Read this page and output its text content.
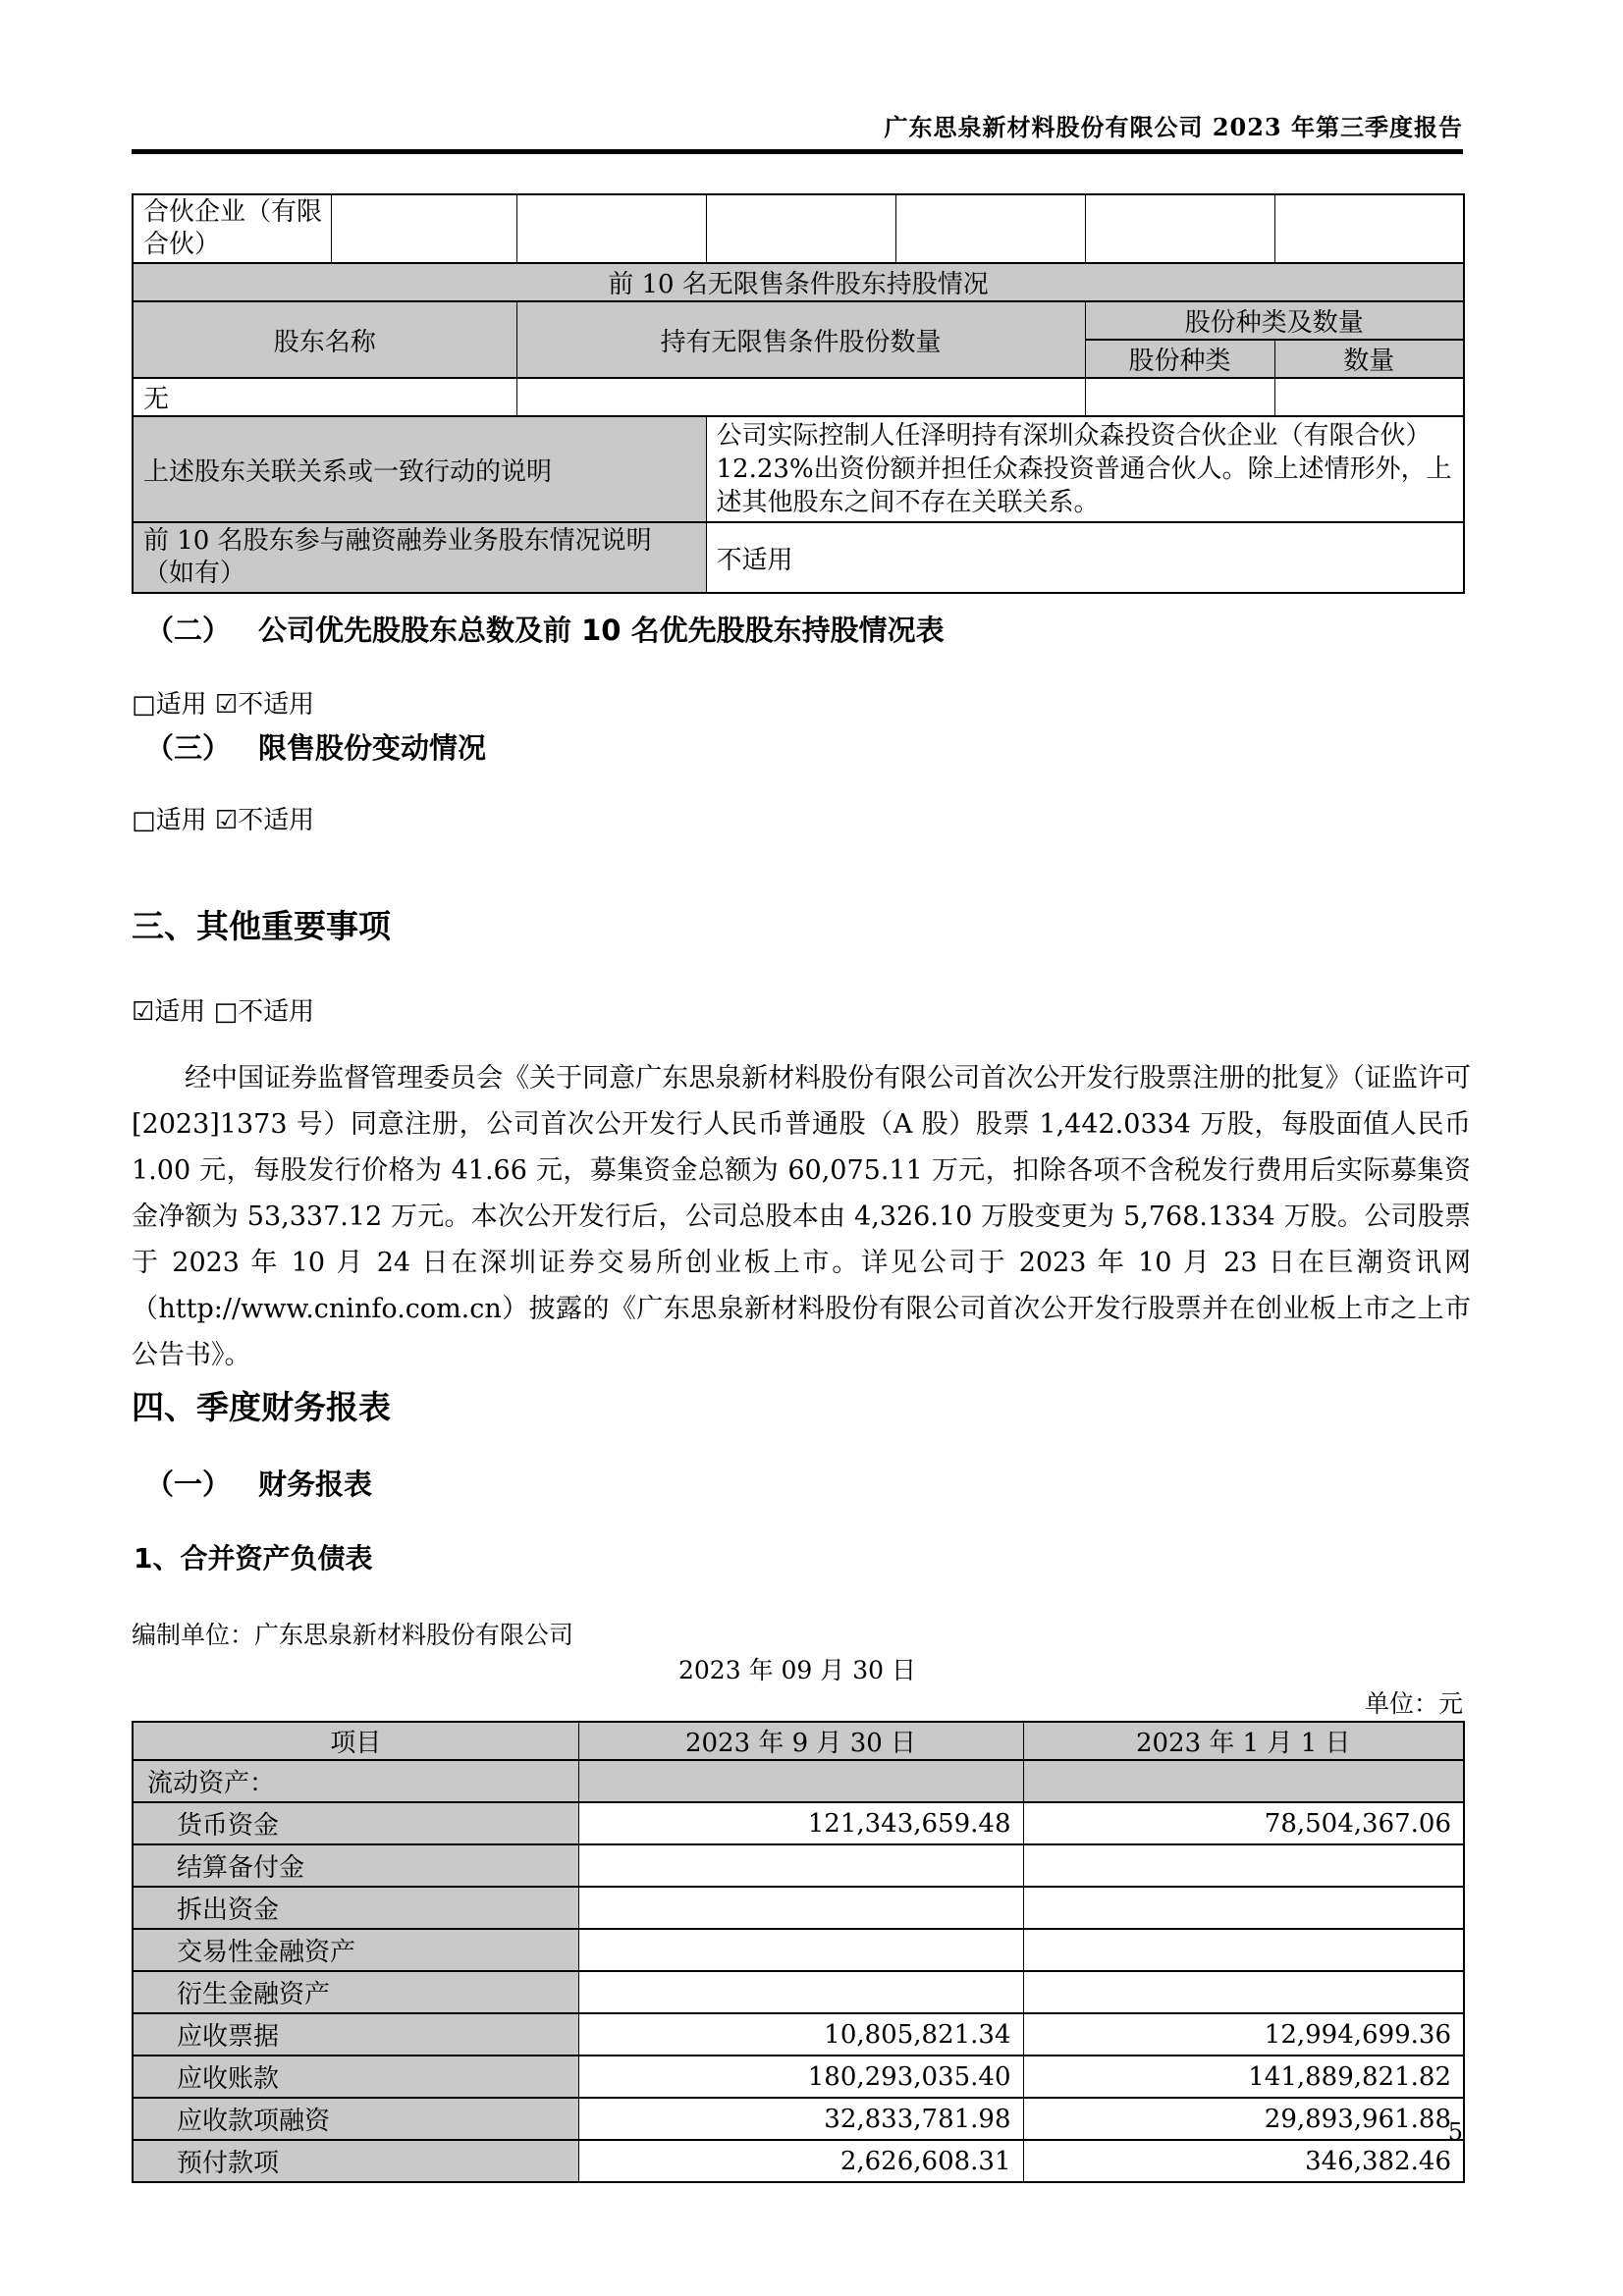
广东思泉新材料股份有限公司 2023 年第三季度报告
合伙企业（有限合伙）						
前 10 名无限售条件股东持股情况						
股东名称		持有无限售条件股份数量			股份种类及数量	
					股份种类	数量
无						
上述股东关联关系或一致行动的说明			公司实际控制人任泽明持有深圳众森投资合伙企业（有限合伙）12.23%出资份额并担任众森投资普通合伙人。除上述情形外，上述其他股东之间不存在关联关系。			
前 10 名股东参与融资融券业务股东情况说明（如有）			不适用			
（二） 公司优先股股东总数及前 10 名优先股股东持股情况表
□适用 ☑不适用
（三） 限售股份变动情况
□适用 ☑不适用
三、其他重要事项
☑适用 □不适用

经中国证券监督管理委员会《关于同意广东思泉新材料股份有限公司首次公开发行股票注册的批复》（证监许可[2023]1373 号）同意注册，公司首次公开发行人民币普通股（A 股）股票 1,442.0334 万股，每股面值人民币 1.00 元，每股发行价格为 41.66 元，募集资金总额为 60,075.11 万元，扣除各项不含税发行费用后实际募集资金净额为 53,337.12 万元。本次公开发行后，公司总股本由 4,326.10 万股变更为 5,768.1334 万股。公司股票于 2023 年 10 月 24 日在深圳证券交易所创业板上市。详见公司于 2023 年 10 月 23 日在巨潮资讯网（http://www.cninfo.com.cn）披露的《广东思泉新材料股份有限公司首次公开发行股票并在创业板上市之上市公告书》。

四、季度财务报表
（一） 财务报表
1、合并资产负债表
编制单位：广东思泉新材料股份有限公司
2023 年 09 月 30 日
单位：元
项目	2023 年 9 月 30 日	2023 年 1 月 1 日
流动资产：		
货币资金	121,343,659.48	78,504,367.06
结算备付金		
拆出资金		
交易性金融资产		
衍生金融资产		
应收票据	10,805,821.34	12,994,699.36
应收账款	180,293,035.40	141,889,821.82
应收款项融资	32,833,781.98	29,893,961.88
预付款项	2,626,608.31	346,382.46
5
